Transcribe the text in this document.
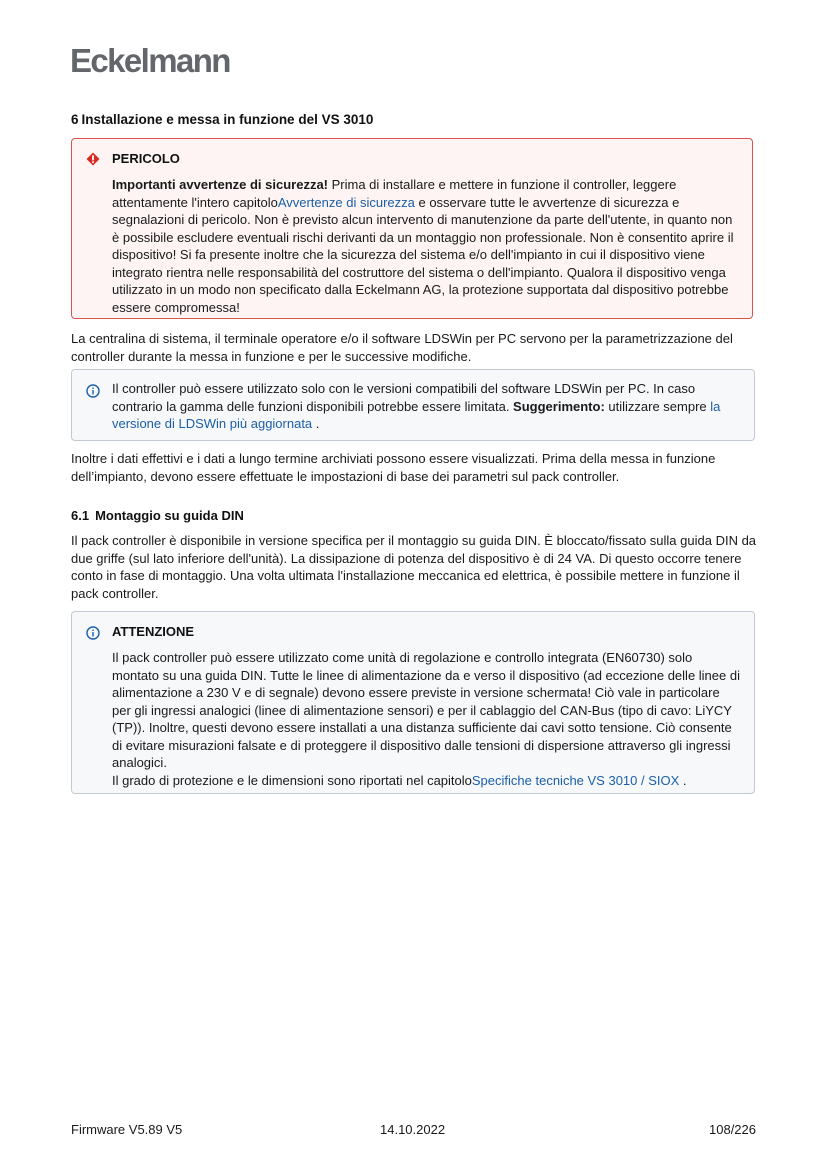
Eckelmann
6 Installazione e messa in funzione del VS 3010
PERICOLO
Importanti avvertenze di sicurezza! Prima di installare e mettere in funzione il controller, leggere attentamente l'intero capitoloAvvertenze di sicurezza e osservare tutte le avvertenze di sicurezza e segnalazioni di pericolo. Non è previsto alcun intervento di manutenzione da parte dell'utente, in quanto non è possibile escludere eventuali rischi derivanti da un montaggio non professionale. Non è consentito aprire il dispositivo! Si fa presente inoltre che la sicurezza del sistema e/o dell'impianto in cui il dispositivo viene integrato rientra nelle responsabilità del costruttore del sistema o dell'impianto. Qualora il dispositivo venga utilizzato in un modo non specificato dalla Eckelmann AG, la protezione supportata dal dispositivo potrebbe essere compromessa!
La centralina di sistema, il terminale operatore e/o il software LDSWin per PC servono per la parametrizzazione del controller durante la messa in funzione e per le successive modifiche.
Il controller può essere utilizzato solo con le versioni compatibili del software LDSWin per PC. In caso contrario la gamma delle funzioni disponibili potrebbe essere limitata. Suggerimento: utilizzare sempre la versione di LDSWin più aggiornata .
Inoltre i dati effettivi e i dati a lungo termine archiviati possono essere visualizzati. Prima della messa in funzione dell’impianto, devono essere effettuate le impostazioni di base dei parametri sul pack controller.
6.1 Montaggio su guida DIN
Il pack controller è disponibile in versione specifica per il montaggio su guida DIN. È bloccato/fissato sulla guida DIN da due griffe (sul lato inferiore dell'unità). La dissipazione di potenza del dispositivo è di 24 VA. Di questo occorre tenere conto in fase di montaggio. Una volta ultimata l'installazione meccanica ed elettrica, è possibile mettere in funzione il pack controller.
ATTENZIONE
Il pack controller può essere utilizzato come unità di regolazione e controllo integrata (EN60730) solo montato su una guida DIN. Tutte le linee di alimentazione da e verso il dispositivo (ad eccezione delle linee di alimentazione a 230 V e di segnale) devono essere previste in versione schermata! Ciò vale in particolare per gli ingressi analogici (linee di alimentazione sensori) e per il cablaggio del CAN-Bus (tipo di cavo: LiYCY (TP)). Inoltre, questi devono essere installati a una distanza sufficiente dai cavi sotto tensione. Ciò consente di evitare misurazioni falsate e di proteggere il dispositivo dalle tensioni di dispersione attraverso gli ingressi analogici.
Il grado di protezione e le dimensioni sono riportati nel capitoloSpecifiche tecniche VS 3010 / SIOX .
Firmware V5.89 V5	14.10.2022	108/226
